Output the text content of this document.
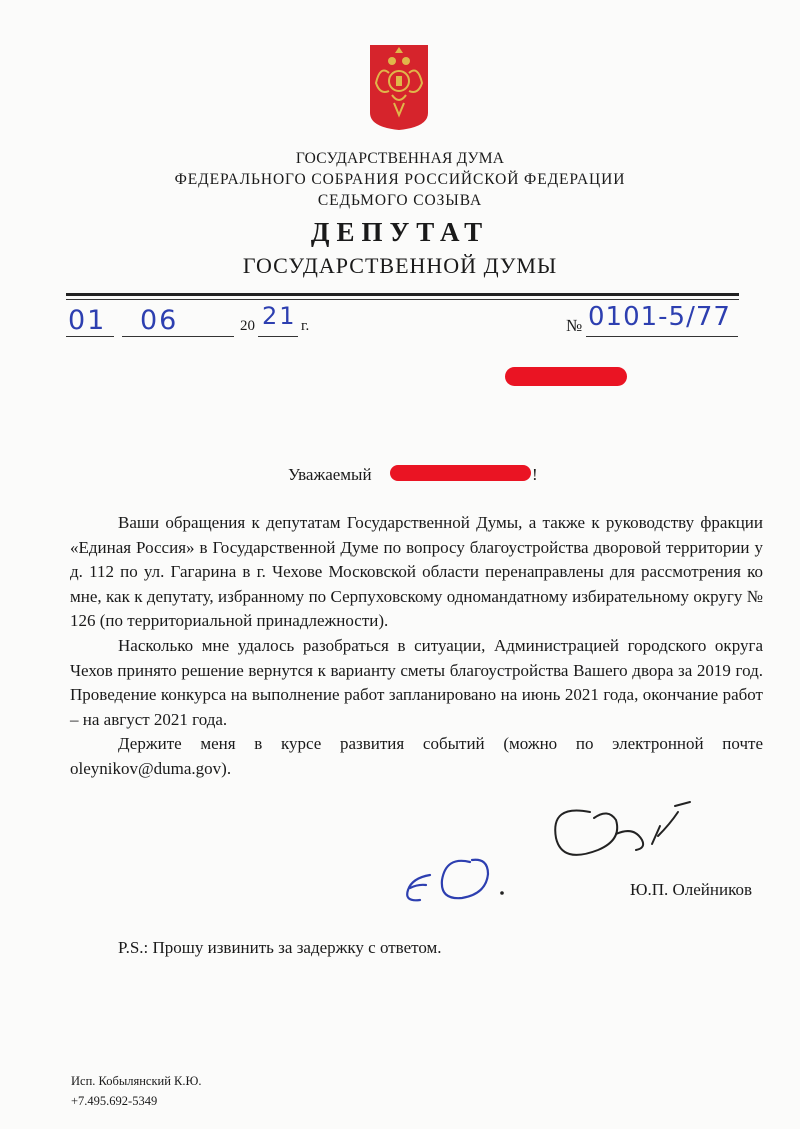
ГОСУДАРСТВЕННАЯ ДУМА
ФЕДЕРАЛЬНОГО СОБРАНИЯ РОССИЙСКОЙ ФЕДЕРАЦИИ
СЕДЬМОГО СОЗЫВА
ДЕПУТАТ
ГОСУДАРСТВЕННОЙ ДУМЫ
01 06	20 21 г.	№ 0101-5/77
Уважаемый	!

Ваши обращения к депутатам Государственной Думы, а также к руководству фракции «Единая Россия» в Государственной Думе по вопросу благоустройства дворовой территории у д. 112 по ул. Гагарина в г. Чехове Московской области перенаправлены для рассмотрения ко мне, как к депутату, избранному по Серпуховскому одномандатному избирательному округу № 126 (по территориальной принадлежности).

Насколько мне удалось разобраться в ситуации, Администрацией городского округа Чехов принято решение вернутся к варианту сметы благоустройства Вашего двора за 2019 год. Проведение конкурса на выполнение работ запланировано на июнь 2021 года, окончание работ – на август 2021 года.

Держите меня в курсе развития событий (можно по электронной почте oleynikov@duma.gov).

Ю.П. Олейников
P.S.: Прошу извинить за задержку с ответом.
Исп. Кобылянский К.Ю.
+7.495.692-5349
